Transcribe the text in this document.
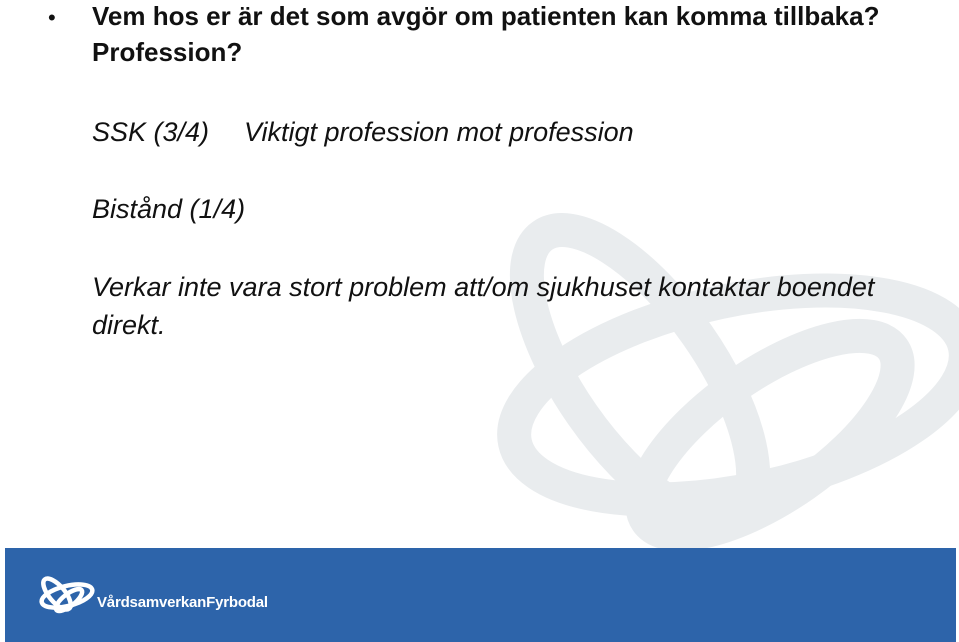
• Vem hos er är det som avgör om patienten kan komma tillbaka? Profession?
SSK (3/4) Viktigt profession mot profession
Bistånd (1/4)
Verkar inte vara stort problem att/om sjukhuset kontaktar boendet direkt.
VårdsamverkanFyrbodal
